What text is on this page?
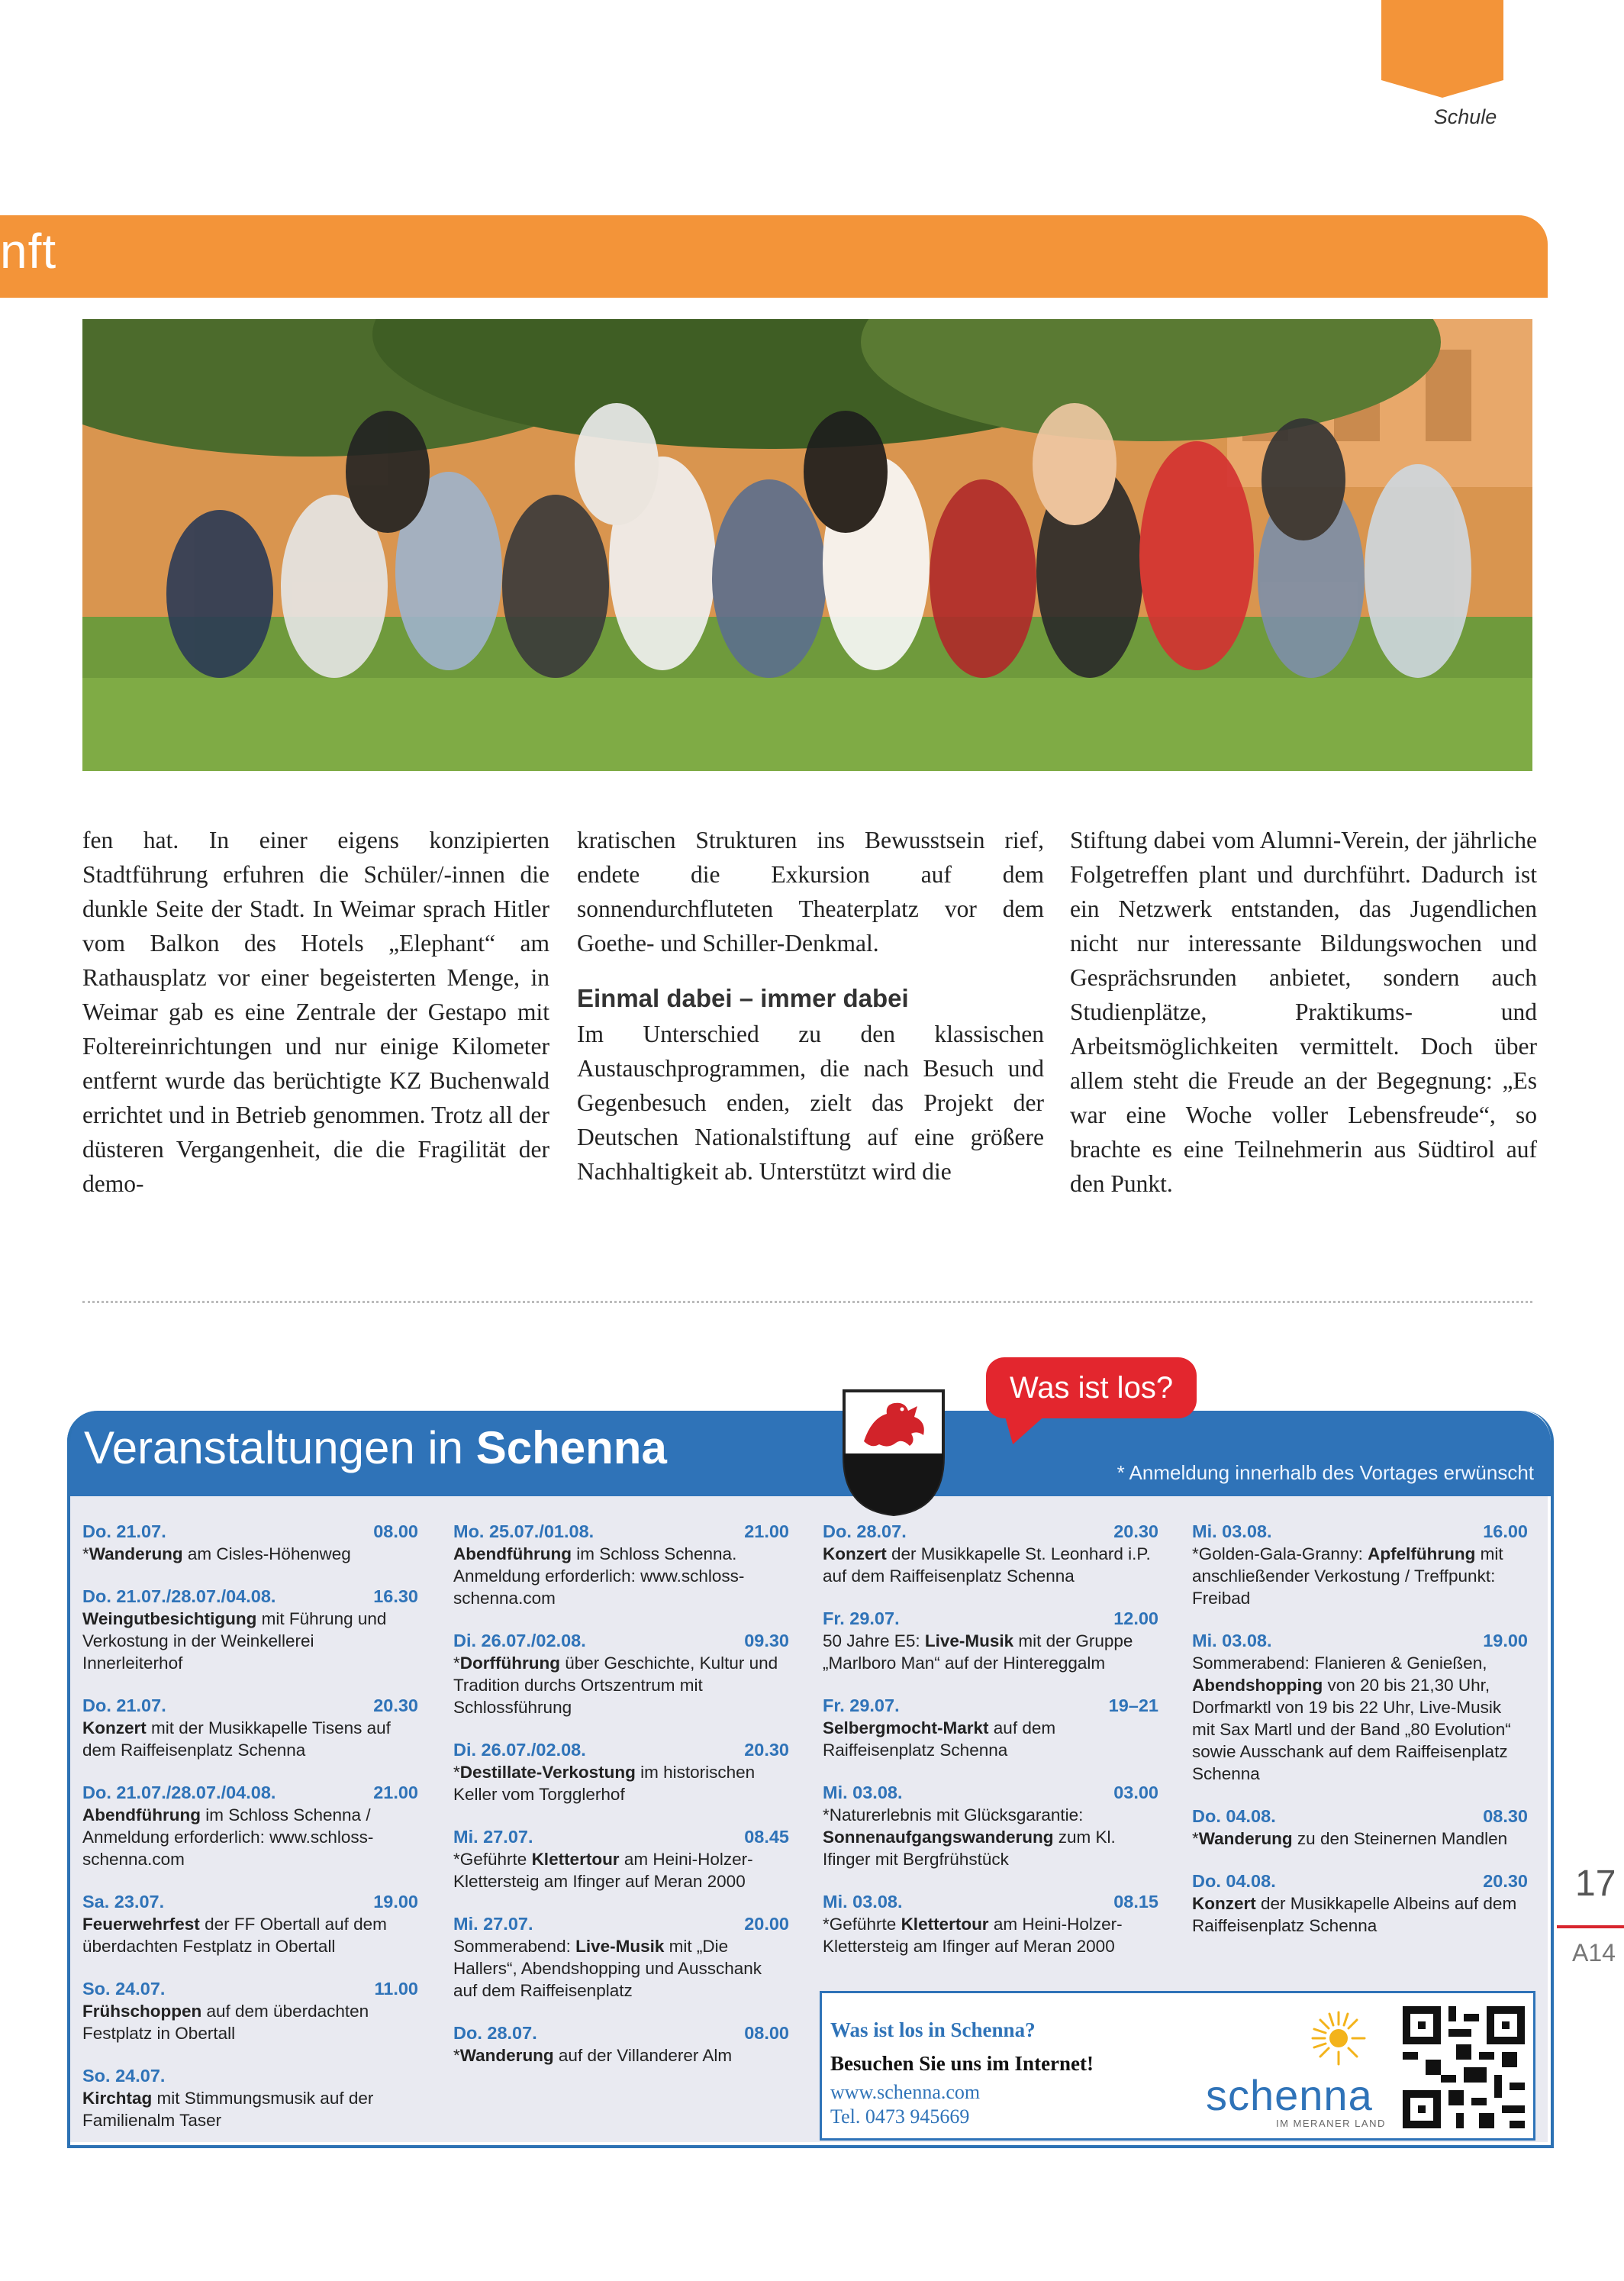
Schule
nft

fen hat. In einer eigens konzipierten Stadtführung erfuhren die Schüler/-innen die dunkle Seite der Stadt. In Weimar sprach Hitler vom Balkon des Hotels „Elephant“ am Rathausplatz vor einer begeisterten Menge, in Weimar gab es eine Zentrale der Gestapo mit Foltereinrichtungen und nur einige Kilometer entfernt wurde das berüchtigte KZ Buchenwald errichtet und in Betrieb genommen. Trotz all der düsteren Vergangenheit, die die Fragilität der demo-

kratischen Strukturen ins Bewusstsein rief, endete die Exkursion auf dem sonnendurchfluteten Theaterplatz vor dem Goethe- und Schiller-Denkmal.

Einmal dabei – immer dabei

Im Unterschied zu den klassischen Austauschprogrammen, die nach Besuch und Gegenbesuch enden, zielt das Projekt der Deutschen Nationalstiftung auf eine größere Nachhaltigkeit ab. Unterstützt wird die

Stiftung dabei vom Alumni-Verein, der jährliche Folgetreffen plant und durchführt. Dadurch ist ein Netzwerk entstanden, das Jugendlichen nicht nur interessante Bildungswochen und Gesprächsrunden anbietet, sondern auch Studienplätze, Praktikums- und Arbeitsmöglichkeiten vermittelt. Doch über allem steht die Freude an der Begegnung: „Es war eine Woche voller Lebensfreude“, so brachte es eine Teilnehmerin aus Südtirol auf den Punkt.

Veranstaltungen in Schenna	* Anmeldung innerhalb des Vortages erwünscht
Was ist los?
Do. 21.07.	08.00
*Wanderung am Cisles-Höhenweg
Do. 21.07./28.07./04.08.	16.30
Weingutbesichtigung mit Führung und Verkostung in der Weinkellerei Innerleiterhof
Do. 21.07.	20.30
Konzert mit der Musikkapelle Tisens auf dem Raiffeisenplatz Schenna
Do. 21.07./28.07./04.08.	21.00
Abendführung im Schloss Schenna / Anmeldung erforderlich: www.schloss-schenna.com
Sa. 23.07.	19.00
Feuerwehrfest der FF Obertall auf dem überdachten Festplatz in Obertall
So. 24.07.	11.00
Frühschoppen auf dem überdachten Festplatz in Obertall
So. 24.07.
Kirchtag mit Stimmungsmusik auf der Familienalm Taser
Mo. 25.07./01.08.	21.00
Abendführung im Schloss Schenna. Anmeldung erforderlich: www.schloss-schenna.com
Di. 26.07./02.08.	09.30
*Dorfführung über Geschichte, Kultur und Tradition durchs Ortszentrum mit Schlossführung
Di. 26.07./02.08.	20.30
*Destillate-Verkostung im historischen Keller vom Torgglerhof
Mi. 27.07.	08.45
*Geführte Klettertour am Heini-Holzer-Klettersteig am Ifinger auf Meran 2000
Mi. 27.07.	20.00
Sommerabend: Live-Musik mit „Die Hallers“, Abendshopping und Ausschank auf dem Raiffeisenplatz
Do. 28.07.	08.00
*Wanderung auf der Villanderer Alm
Do. 28.07.	20.30
Konzert der Musikkapelle St. Leonhard i.P. auf dem Raiffeisenplatz Schenna
Fr. 29.07.	12.00
50 Jahre E5: Live-Musik mit der Gruppe „Marlboro Man“ auf der Hintereggalm
Fr. 29.07.	19–21
Selbergmocht-Markt auf dem Raiffeisenplatz Schenna
Mi. 03.08.	03.00
*Naturerlebnis mit Glücksgarantie: Sonnenaufgangswanderung zum Kl. Ifinger mit Bergfrühstück
Mi. 03.08.	08.15
*Geführte Klettertour am Heini-Holzer-Klettersteig am Ifinger auf Meran 2000
Mi. 03.08.	16.00
*Golden-Gala-Granny: Apfelführung mit anschließender Verkostung / Treffpunkt: Freibad
Mi. 03.08.	19.00
Sommerabend: Flanieren & Genießen, Abendshopping von 20 bis 21,30 Uhr, Dorfmarktl von 19 bis 22 Uhr, Live-Musik mit Sax Martl und der Band „80 Evolution“ sowie Ausschank auf dem Raiffeisenplatz Schenna
Do. 04.08.	08.30
*Wanderung zu den Steinernen Mandlen
Do. 04.08.	20.30
Konzert der Musikkapelle Albeins auf dem Raiffeisenplatz Schenna
Was ist los in Schenna?
Besuchen Sie uns im Internet!
www.schenna.com
Tel. 0473 945669	schenna
IM MERANER LAND
17
A14
